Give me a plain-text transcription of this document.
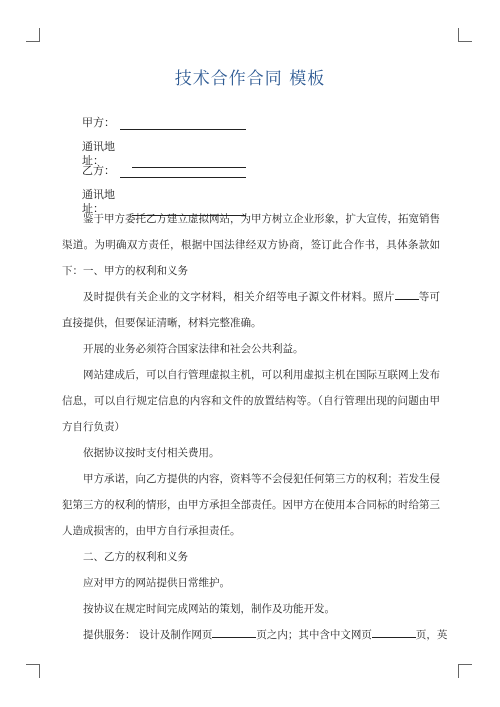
技术合作合同 模板
甲方：
通讯地址：
乙方：
通讯地址：

鉴于甲方委托乙方建立虚拟网站，为甲方树立企业形象，扩大宣传，拓宽销售渠道。为明确双方责任，根据中国法律经双方协商，签订此合作书，具体条款如下： 一、甲方的权利和义务

及时提供有关企业的文字材料，相关介绍等电子源文件材料。照片 等可直接提供，但要保证清晰，材料完整准确。

开展的业务必须符合国家法律和社会公共利益。

网站建成后，可以自行管理虚拟主机，可以利用虚拟主机在国际互联网上发布信息，可以自行规定信息的内容和文件的放置结构等。（自行管理出现的问题由甲方自行负责）

依据协议按时支付相关费用。

甲方承诺，向乙方提供的内容，资料等不会侵犯任何第三方的权利；若发生侵犯第三方的权利的情形，由甲方承担全部责任。因甲方在使用本合同标的时给第三人造成损害的，由甲方自行承担责任。

二、乙方的权利和义务

应对甲方的网站提供日常维护。

按协议在规定时间完成网站的策划，制作及功能开发。

提供服务： 设计及制作网页	页之内；其中含中文网页	页，英
